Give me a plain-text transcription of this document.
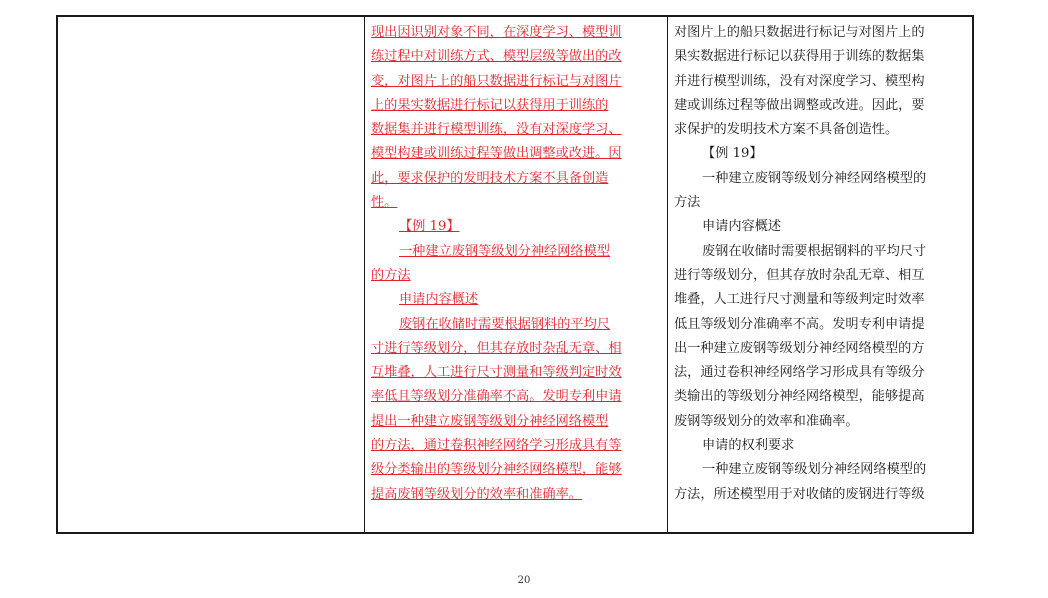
现出因识别对象不同，在深度学习、模型训
练过程中对训练方式、模型层级等做出的改
变，对图片上的船只数据进行标记与对图片
上的果实数据进行标记以获得用于训练的
数据集并进行模型训练，没有对深度学习、
模型构建或训练过程等做出调整或改进。因
此，要求保护的发明技术方案不具备创造
性。
【例 19】
一种建立废钢等级划分神经网络模型
的方法
申请内容概述
废钢在收储时需要根据钢料的平均尺
寸进行等级划分，但其存放时杂乱无章、相
互堆叠，人工进行尺寸测量和等级判定时效
率低且等级划分准确率不高。发明专利申请
提出一种建立废钢等级划分神经网络模型
的方法，通过卷积神经网络学习形成具有等
级分类输出的等级划分神经网络模型，能够
提高废钢等级划分的效率和准确率。
对图片上的船只数据进行标记与对图片上的
果实数据进行标记以获得用于训练的数据集
并进行模型训练，没有对深度学习、模型构
建或训练过程等做出调整或改进。因此，要
求保护的发明技术方案不具备创造性。
【例 19】
一种建立废钢等级划分神经网络模型的
方法
申请内容概述
废钢在收储时需要根据钢料的平均尺寸
进行等级划分，但其存放时杂乱无章、相互
堆叠，人工进行尺寸测量和等级判定时效率
低且等级划分准确率不高。发明专利申请提
出一种建立废钢等级划分神经网络模型的方
法，通过卷积神经网络学习形成具有等级分
类输出的等级划分神经网络模型，能够提高
废钢等级划分的效率和准确率。
申请的权利要求
一种建立废钢等级划分神经网络模型的
方法，所述模型用于对收储的废钢进行等级
20
